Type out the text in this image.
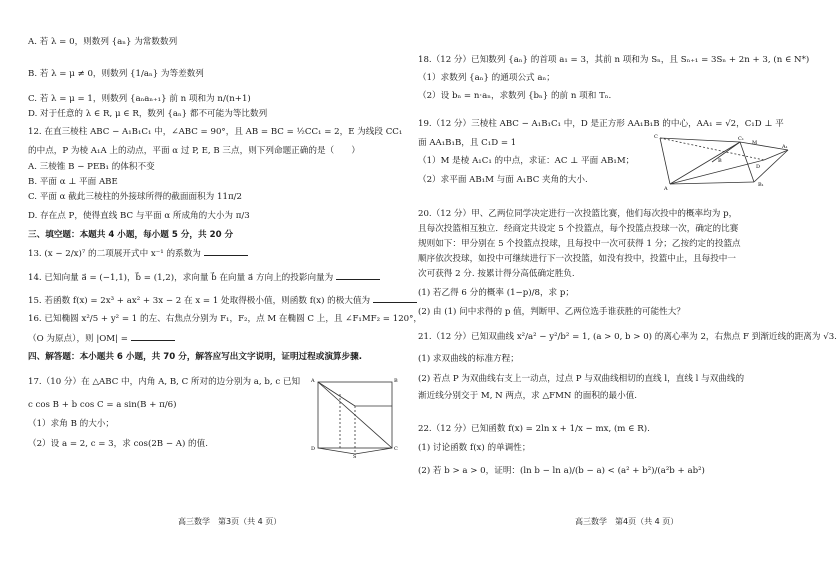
A. 若 λ = 0，则数列 {aₙ} 为常数数列
B. 若 λ = μ ≠ 0，则数列 {1/aₙ} 为等差数列
C. 若 λ = μ = 1，则数列 {aₙaₙ₊₁} 前 n 项和为 n/(n+1)
D. 对于任意的 λ ∈ R, μ ∈ R，数列 {aₙ} 都不可能为等比数列
12. 在直三棱柱 ABC − A₁B₁C₁ 中，∠ABC = 90°，且 AB = BC = ½CC₁ = 2，E 为线段 CC₁
的中点，P 为棱 A₁A 上的动点，平面 α 过 P, E, B 三点，则下列命题正确的是（　　）
A. 三棱锥 B − PEB₁ 的体积不变
B. 平面 α ⊥ 平面 ABE
C. 平面 α 截此三棱柱的外接球所得的截面面积为 11π/2
D. 存在点 P，使得直线 BC 与平面 α 所成角的大小为 π/3
三、填空题：本题共 4 小题，每小题 5 分，共 20 分
13. (x − 2/x)⁷ 的二项展开式中 x⁻¹ 的系数为
14. 已知向量 a⃗ = (−1,1)，b⃗ = (1,2)，求向量 b⃗ 在向量 a⃗ 方向上的投影向量为
15. 若函数 f(x) = 2x³ + ax² + 3x − 2 在 x = 1 处取得极小值，则函数 f(x) 的极大值为
16. 已知椭圆 x²/5 + y² = 1 的左、右焦点分别为 F₁，F₂，点 M 在椭圆 C 上，且 ∠F₁MF₂ = 120°，
（O 为原点），则 |OM| =
四、解答题：本小题共 6 小题，共 70 分，解答应写出文字说明，证明过程或演算步骤.
17.（10 分）在 △ABC 中，内角 A, B, C 所对的边分别为 a, b, c 已知
c cos B + b cos C = a sin(B + π/6)
（1）求角 B 的大小；
（2）设 a = 2, c = 3，求 cos(2B − A) 的值.
A	B
C
D
S
高三数学　第3页（共 4 页）
18.（12 分）已知数列 {aₙ} 的首项 a₁ = 3，其前 n 项和为 Sₙ，且 Sₙ₊₁ = 3Sₙ + 2n + 3, (n ∈ N*)
（1）求数列 {aₙ} 的通项公式 aₙ；
（2）设 bₙ = n·aₙ，求数列 {bₙ} 的前 n 项和 Tₙ.
19.（12 分）三棱柱 ABC − A₁B₁C₁ 中，D 是正方形 AA₁B₁B 的中心，AA₁ = √2，C₁D ⊥ 平
面 AA₁B₁B，且 C₁D = 1
（1）M 是棱 A₁C₁ 的中点，求证：AC ⊥ 平面 AB₁M；
（2）求平面 AB₁M 与面 A₁BC 夹角的大小.
C	C₁
M
A₁
B
D
B₁
A
20.（12 分）甲、乙两位同学决定进行一次投篮比赛，他们每次投中的概率均为 p，
且每次投篮相互独立．经商定共设定 5 个投篮点，每个投篮点投球一次，确定的比赛
规则如下：甲分别在 5 个投篮点投球，且每投中一次可获得 1 分；乙按约定的投篮点
顺序依次投球，如投中可继续进行下一次投篮，如没有投中，投篮中止，且每投中一
次可获得 2 分. 按累计得分高低确定胜负.
(1) 若乙得 6 分的概率 (1−p)/8，求 p；
(2) 由 (1) 问中求得的 p 值，判断甲、乙两位选手谁获胜的可能性大？
21.（12 分）已知双曲线 x²/a² − y²/b² = 1, (a > 0, b > 0) 的离心率为 2，右焦点 F 到渐近线的距离为 √3.
(1) 求双曲线的标准方程；
(2) 若点 P 为双曲线右支上一动点，过点 P 与双曲线相切的直线 l，直线 l 与双曲线的
渐近线分别交于 M, N 两点，求 △FMN 的面积的最小值.
22.（12 分）已知函数 f(x) = 2ln x + 1/x − mx, (m ∈ R).
(1) 讨论函数 f(x) 的单调性；
(2) 若 b > a > 0，证明：(ln b − ln a)/(b − a) < (a² + b²)/(a²b + ab²)
高三数学　第4页（共 4 页）
